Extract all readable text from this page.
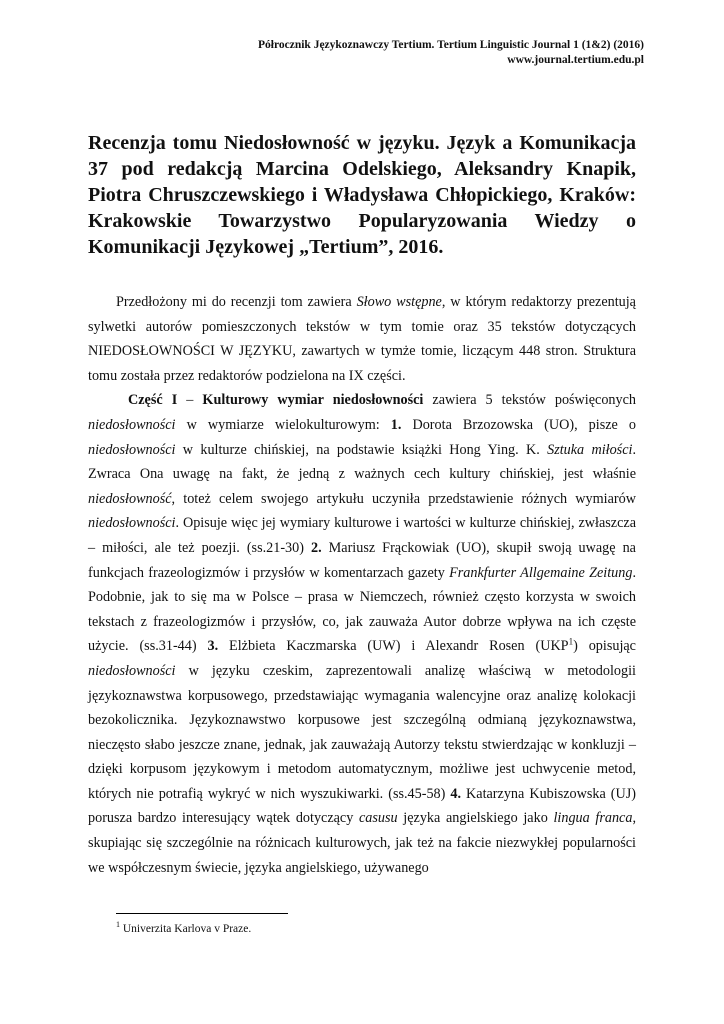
Półrocznik Językoznawczy Tertium. Tertium Linguistic Journal 1 (1&2) (2016)
www.journal.tertium.edu.pl
Recenzja tomu Niedosłowność w języku. Język a Komunikacja 37 pod redakcją Marcina Odelskiego, Aleksandry Knapik, Piotra Chruszczewskiego i Władysława Chłopickiego, Kraków: Krakowskie Towarzystwo Popularyzowania Wiedzy o Komunikacji Językowej „Tertium”, 2016.

Przedłożony mi do recenzji tom zawiera Słowo wstępne, w którym redaktorzy prezentują sylwetki autorów pomieszczonych tekstów w tym tomie oraz 35 tekstów dotyczących NIEDOSŁOWNOŚCI W JĘZYKU, zawartych w tymże tomie, liczącym 448 stron. Struktura tomu została przez redaktorów podzielona na IX części.

Część I – Kulturowy wymiar niedosłowności zawiera 5 tekstów poświęconych niedosłowności w wymiarze wielokulturowym: 1. Dorota Brzozowska (UO), pisze o niedosłowności w kulturze chińskiej, na podstawie książki Hong Ying. K. Sztuka miłości. Zwraca Ona uwagę na fakt, że jedną z ważnych cech kultury chińskiej, jest właśnie niedosłowność, toteż celem swojego artykułu uczyniła przedstawienie różnych wymiarów niedosłowności. Opisuje więc jej wymiary kulturowe i wartości w kulturze chińskiej, zwłaszcza – miłości, ale też poezji. (ss.21-30) 2. Mariusz Frąckowiak (UO), skupił swoją uwagę na funkcjach frazeologizmów i przysłów w komentarzach gazety Frankfurter Allgemaine Zeitung. Podobnie, jak to się ma w Polsce – prasa w Niemczech, również często korzysta w swoich tekstach z frazeologizmów i przysłów, co, jak zauważa Autor dobrze wpływa na ich częste użycie. (ss.31-44) 3. Elżbieta Kaczmarska (UW) i Alexandr Rosen (UKP$^1$) opisując niedosłowności w języku czeskim, zaprezentowali analizę właściwą w metodologii językoznawstwa korpusowego, przedstawiając wymagania walencyjne oraz analizę kolokacji bezokolicznika. Językoznawstwo korpusowe jest szczególną odmianą językoznawstwa, nieczęsto słabo jeszcze znane, jednak, jak zauważają Autorzy tekstu stwierdzając w konkluzji – dzięki korpusom językowym i metodom automatycznym, możliwe jest uchwycenie metod, których nie potrafią wykryć w nich wyszukiwarki. (ss.45-58) 4. Katarzyna Kubiszowska (UJ) porusza bardzo interesujący wątek dotyczący casusu języka angielskiego jako lingua franca, skupiając się szczególnie na różnicach kulturowych, jak też na fakcie niezwykłej popularności we współczesnym świecie, języka angielskiego, używanego

$^1$ Univerzita Karlova v Praze.
